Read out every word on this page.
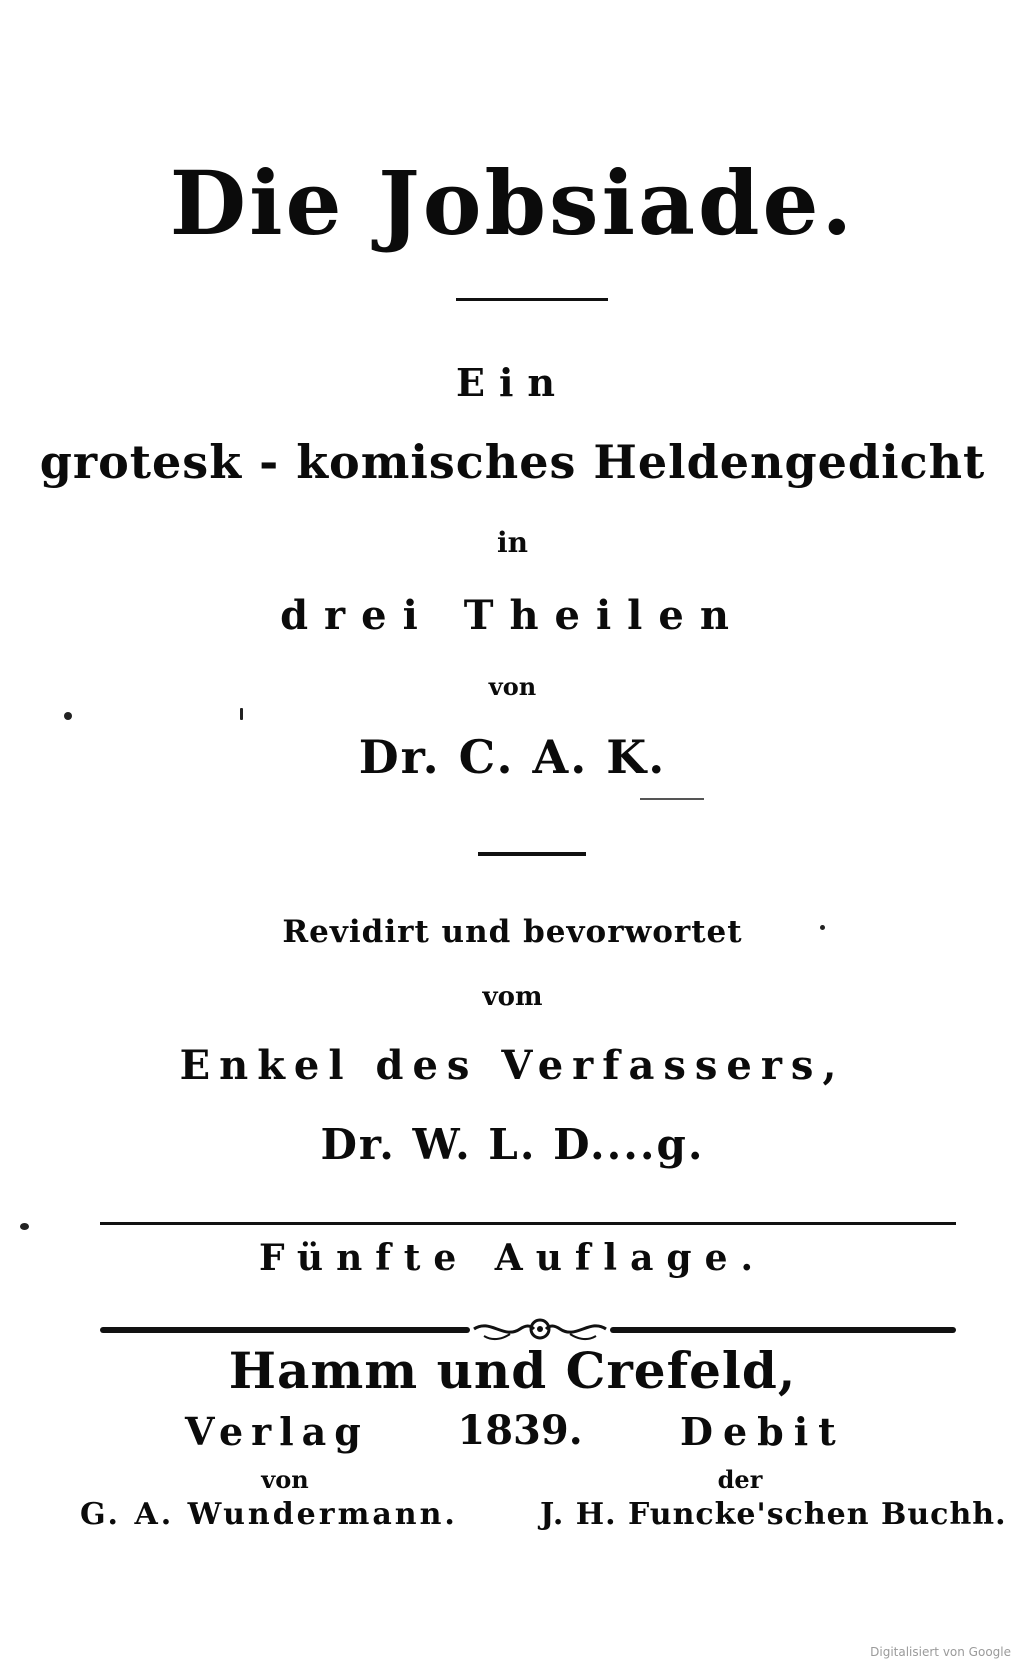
Die Jobsiade.
Ein
grotesk - komisches Heldengedicht
in
drei Theilen
von
Dr. C. A. K.
Revidirt und bevorwortet
vom
Enkel des Verfassers,
Dr. W. L. D....g.
Fünfte Auflage.
Hamm und Crefeld,
Verlag	1839.	Debit
von	der
G. A. Wundermann.	J. H. Funcke'schen Buchh.
Digitalisiert von Google
